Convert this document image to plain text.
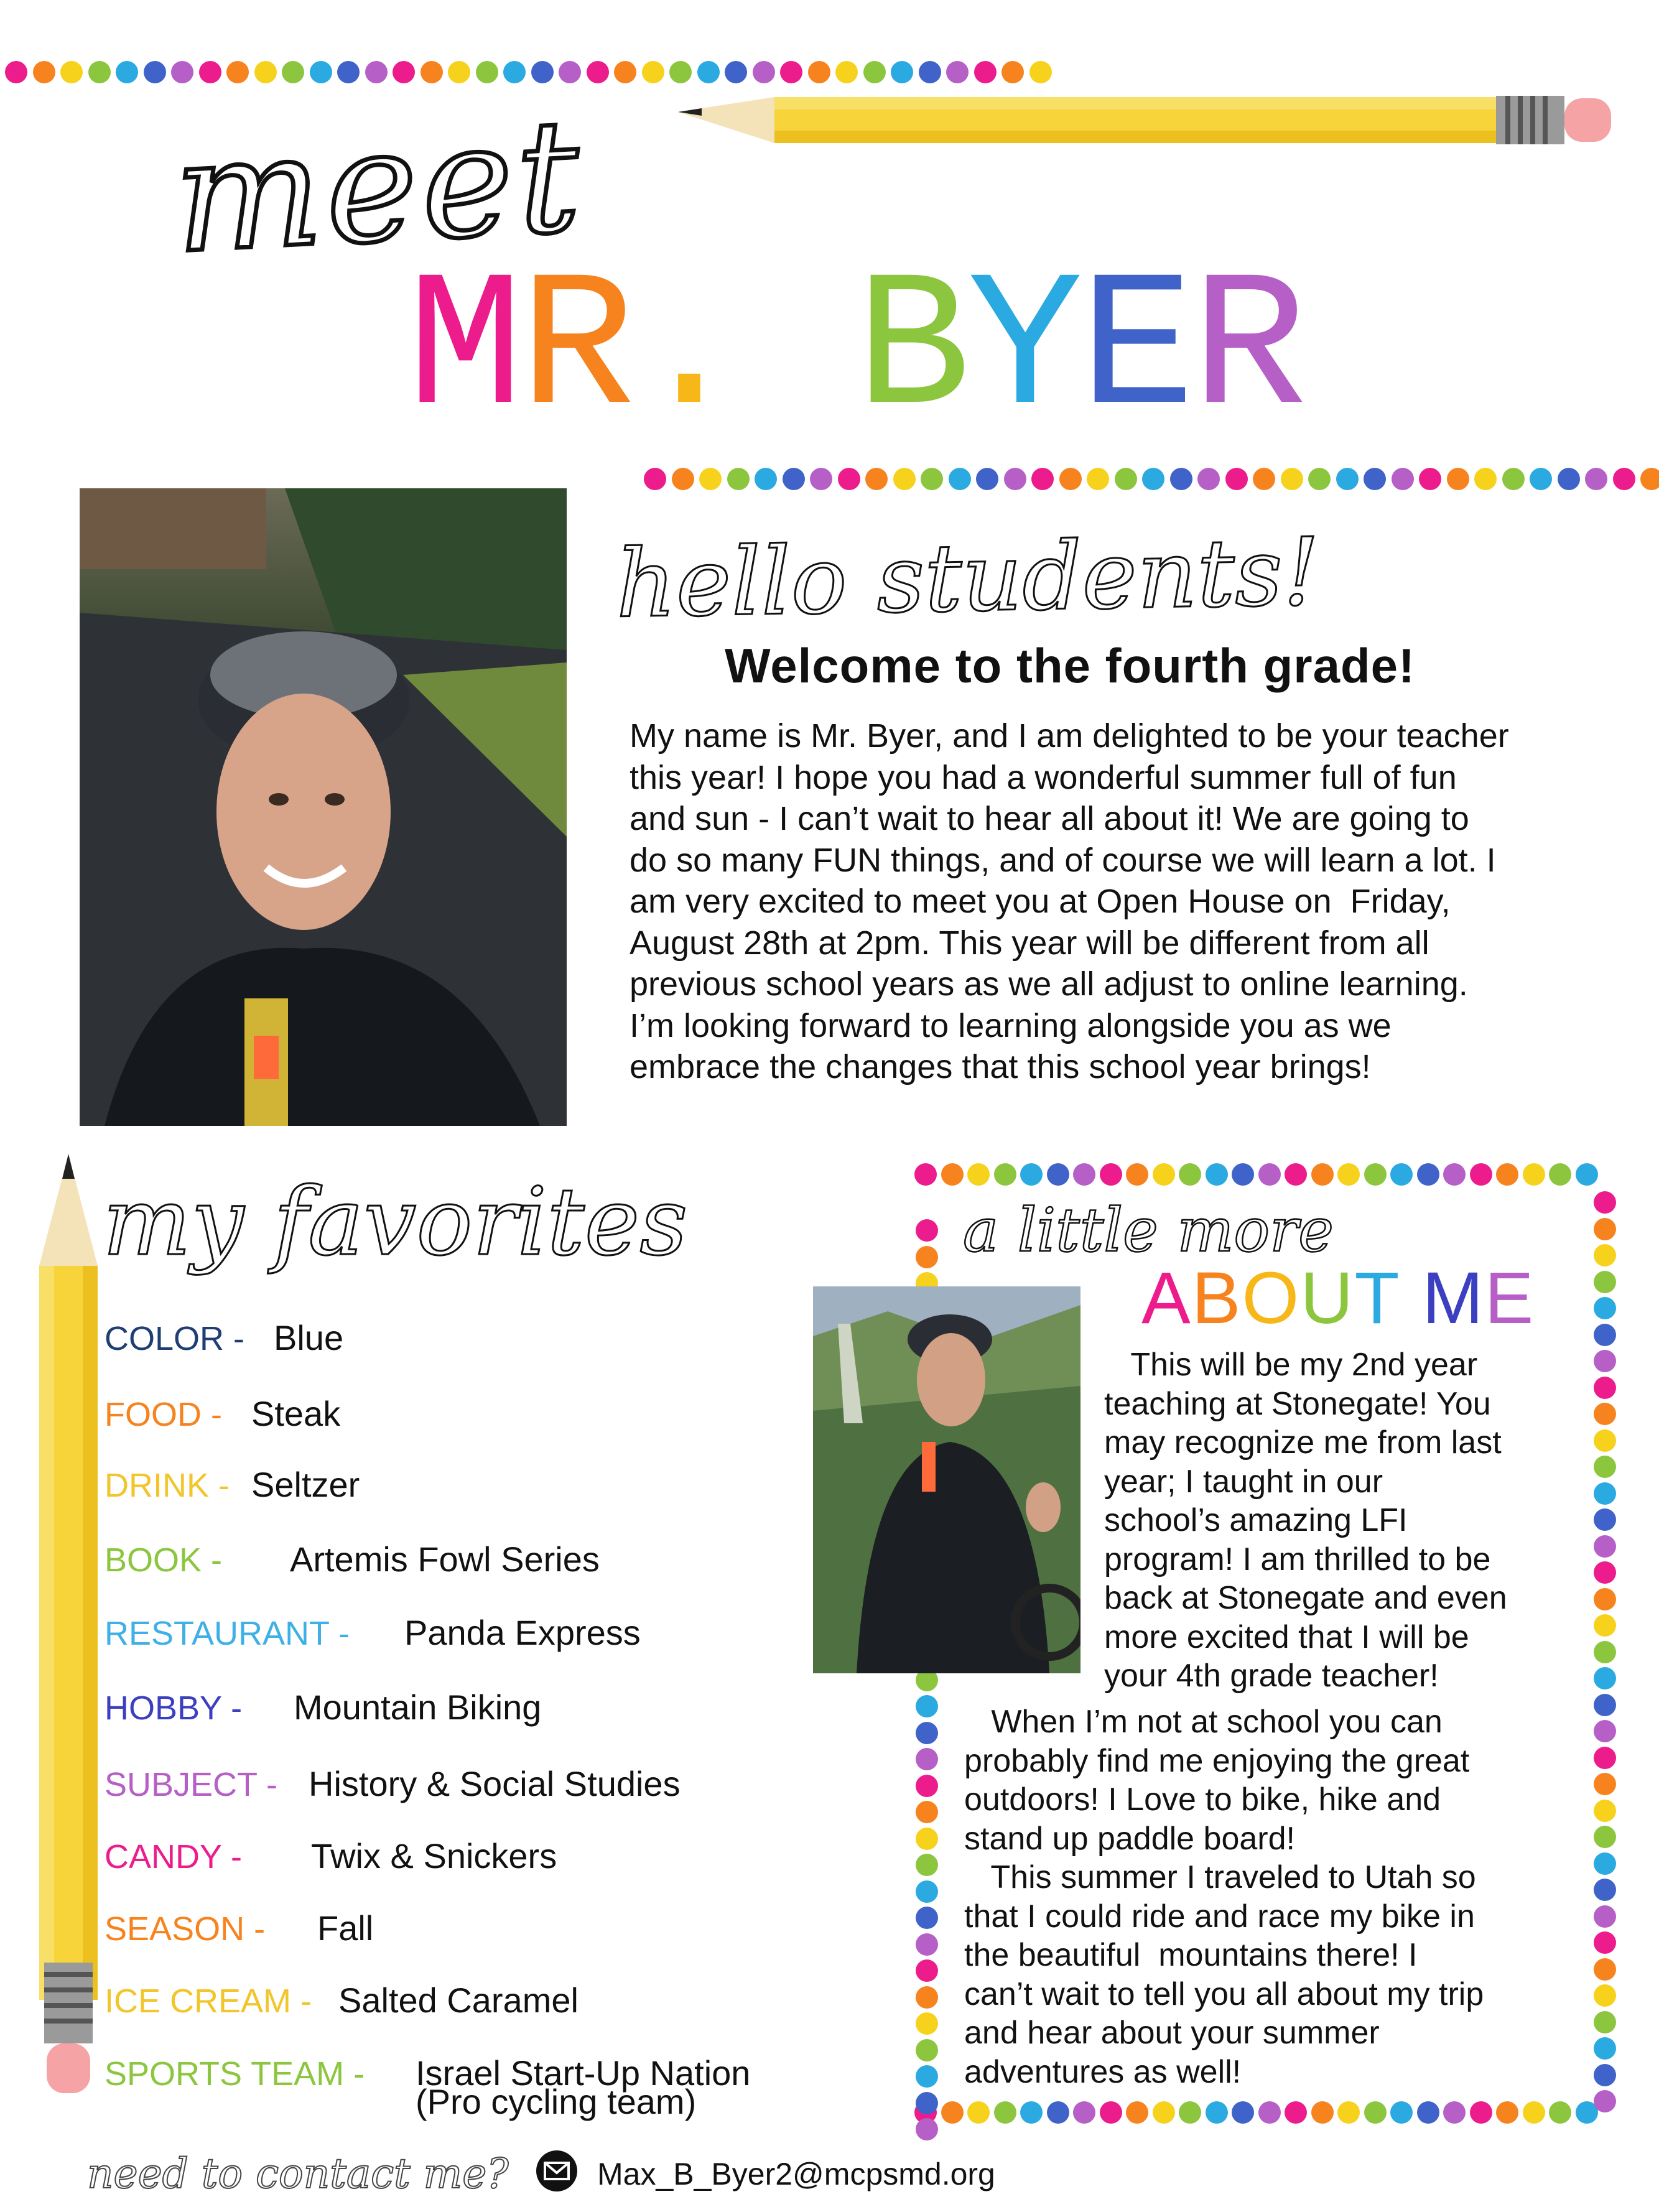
meet
MR. BYER
hello students!
Welcome to the fourth grade!

My name is Mr. Byer, and I am delighted to be your teacher

this year! I hope you had a wonderful summer full of fun

and sun - I can’t wait to hear all about it! We are going to

do so many FUN things, and of course we will learn a lot. I

am very excited to meet you at Open House on  Friday,

August 28th at 2pm. This year will be different from all

previous school years as we all adjust to online learning.

I’m looking forward to learning alongside you as we

embrace the changes that this school year brings!

my favorites
COLOR - Blue
FOOD - Steak
DRINK - Seltzer
BOOK -	Artemis Fowl Series
RESTAURANT -	Panda Express
HOBBY -	Mountain Biking
SUBJECT - History & Social Studies
CANDY -	Twix & Snickers
SEASON -	Fall
ICE CREAM - Salted Caramel
SPORTS TEAM -	Israel Start-Up Nation
(Pro cycling team)
a little more
ABOUT ME

This will be my 2nd year

teaching at Stonegate! You

may recognize me from last

year; I taught in our

school’s amazing LFI

program! I am thrilled to be

back at Stonegate and even

more excited that I will be

your 4th grade teacher!

When I’m not at school you can

probably find me enjoying the great

outdoors! I Love to bike, hike and

stand up paddle board!

This summer I traveled to Utah so

that I could ride and race my bike in

the beautiful  mountains there! I

can’t wait to tell you all about my trip

and hear about your summer

adventures as well!

need to contact me?	Max_B_Byer2@mcpsmd.org
